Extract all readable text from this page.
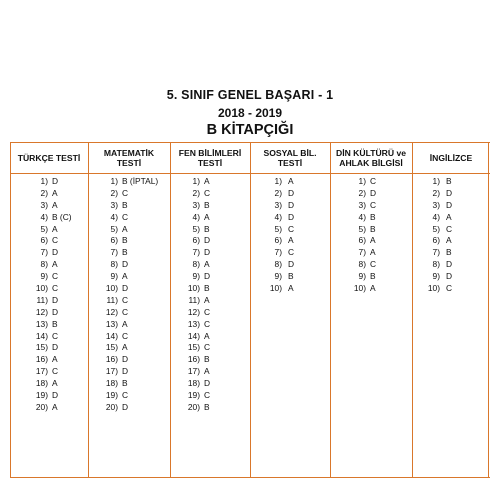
5. SINIF GENEL BAŞARI - 1
2018 - 2019
B KİTAPÇIĞI
TÜRKÇE TESTİ
1) D
2) A
3) A
4) B (C)
5) A
6) C
7) D
8) A
9) C
10) C
11) D
12) D
13) B
14) C
15) D
16) A
17) C
18) A
19) D
20) A
MATEMATİK TESTİ
1) B (İPTAL)
2) C
3) B
4) C
5) A
6) B
7) B
8) D
9) A
10) D
11) C
12) C
13) A
14) C
15) A
16) D
17) D
18) B
19) C
20) D
FEN BİLİMLERİ TESTİ
1) A
2) C
3) B
4) A
5) B
6) D
7) D
8) A
9) D
10) B
11) A
12) C
13) C
14) A
15) C
16) B
17) A
18) D
19) C
20) B
SOSYAL BİL. TESTİ
1) A
2) D
3) D
4) D
5) C
6) A
7) C
8) D
9) B
10) A
DİN KÜLTÜRÜ ve AHLAK BİLGİSİ
1) C
2) D
3) C
4) B
5) B
6) A
7) A
8) C
9) B
10) A
İNGİLİZCE
1) B
2) D
3) D
4) A
5) C
6) A
7) B
8) D
9) D
10) C
